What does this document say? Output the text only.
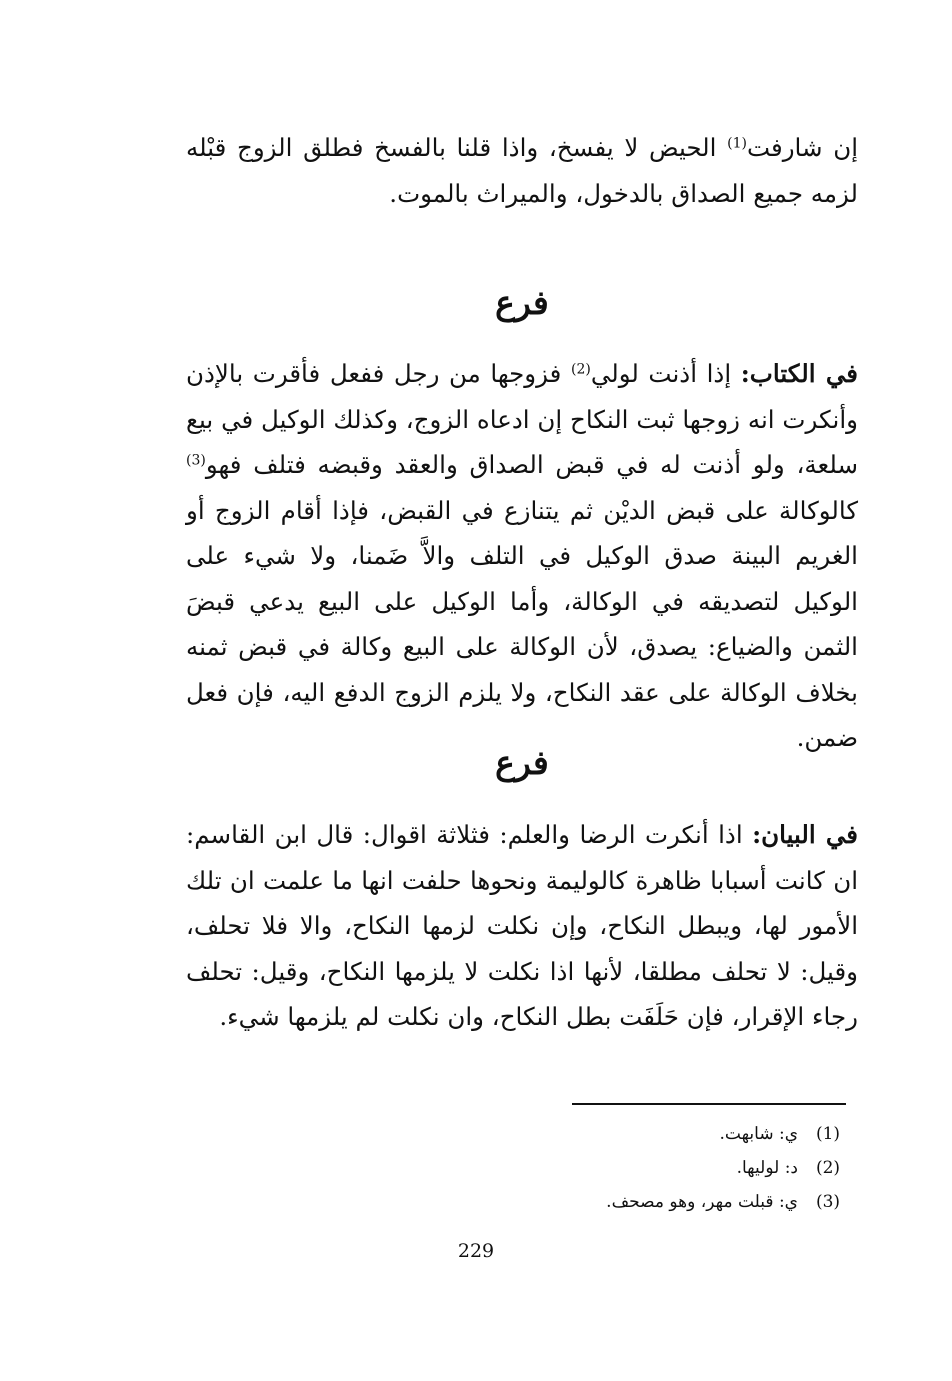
إن شارفت$^{(1)}$ الحيض لا يفسخ، واذا قلنا بالفسخ فطلق الزوج قبْله لزمه جميع الصداق بالدخول، والميراث بالموت.

فرع

في الكتاب: إذا أذنت لولي$^{(2)}$ فزوجها من رجل ففعل فأقرت بالإذن وأنكرت انه زوجها ثبت النكاح إن ادعاه الزوج، وكذلك الوكيل في بيع سلعة، ولو أذنت له في قبض الصداق والعقد وقبضه فتلف فهو$^{(3)}$ كالوكالة على قبض الديْن ثم يتنازع في القبض، فإذا أقام الزوج أو الغريم البينة صدق الوكيل في التلف والاَّ ضَمنا، ولا شيء على الوكيل لتصديقه في الوكالة، وأما الوكيل على البيع يدعي قبضَ الثمن والضياع: يصدق، لأن الوكالة على البيع وكالة في قبض ثمنه بخلاف الوكالة على عقد النكاح، ولا يلزم الزوج الدفع اليه، فإن فعل ضمن.

فرع

في البيان: اذا أنكرت الرضا والعلم: فثلاثة اقوال: قال ابن القاسم: ان كانت أسبابا ظاهرة كالوليمة ونحوها حلفت انها ما علمت ان تلك الأمور لها، ويبطل النكاح، وإن نكلت لزمها النكاح، والا فلا تحلف، وقيل: لا تحلف مطلقا، لأنها اذا نكلت لا يلزمها النكاح، وقيل: تحلف رجاء الإقرار، فإن حَلَفَت بطل النكاح، وان نكلت لم يلزمها شيء.

(1)ي: شابهت.
(2)د: لوليها.
(3)ي: قبلت مهر، وهو مصحف.
229
